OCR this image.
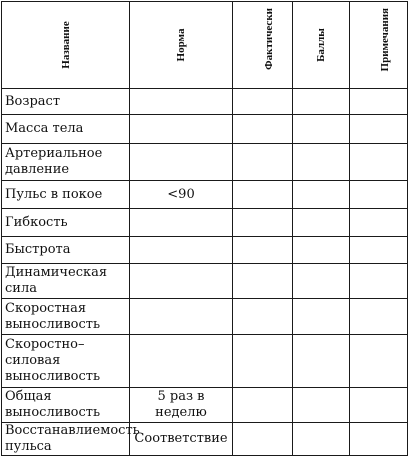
Название	Норма	Фактически	Баллы	Примечания

Возраст				
Масса тела				
Артериальное давление				
Пульс в покое	<90			
Гибкость				
Быстрота				
Динамическая сила				
Скоростная выносливость				
Скоростно–силовая выносливость				
Общая выносливость	5 раз в неделю			
Восстанавлиемость пульса	Соответствие			
